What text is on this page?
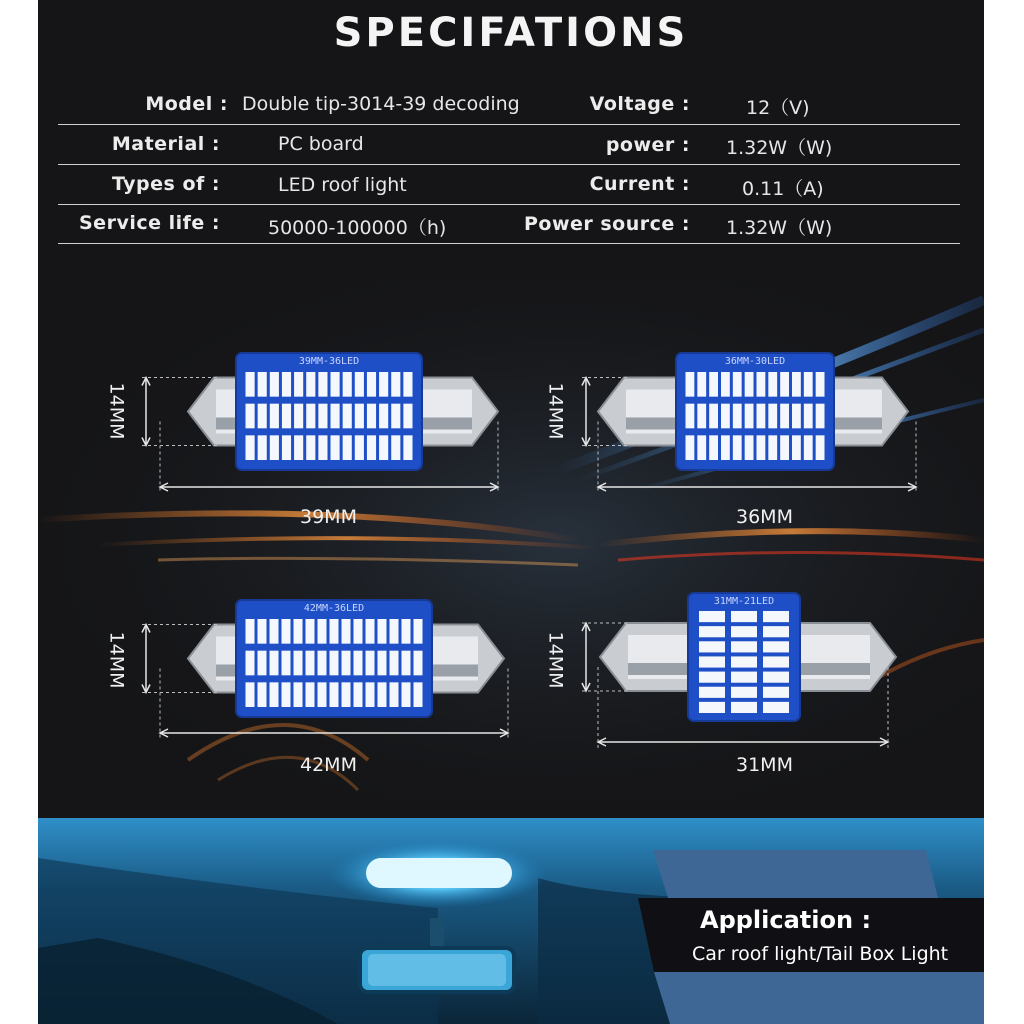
SPECIFATIONS
Model : Double tip-3014-39 decoding	Voltage :	12（V)
Material :	PC board	power : 1.32W（W)
Types of :	LED roof light	Current :	0.11（A)
Service life :	50000-100000（h)	Power source : 1.32W（W)
39MM-36LED	36MM-30LED
42MM-36LED
31MM-21LED
39MM	36MM
42MM	31MM
14MM	14MM
14MM	14MM
Application :
Car roof light/Tail Box Light
